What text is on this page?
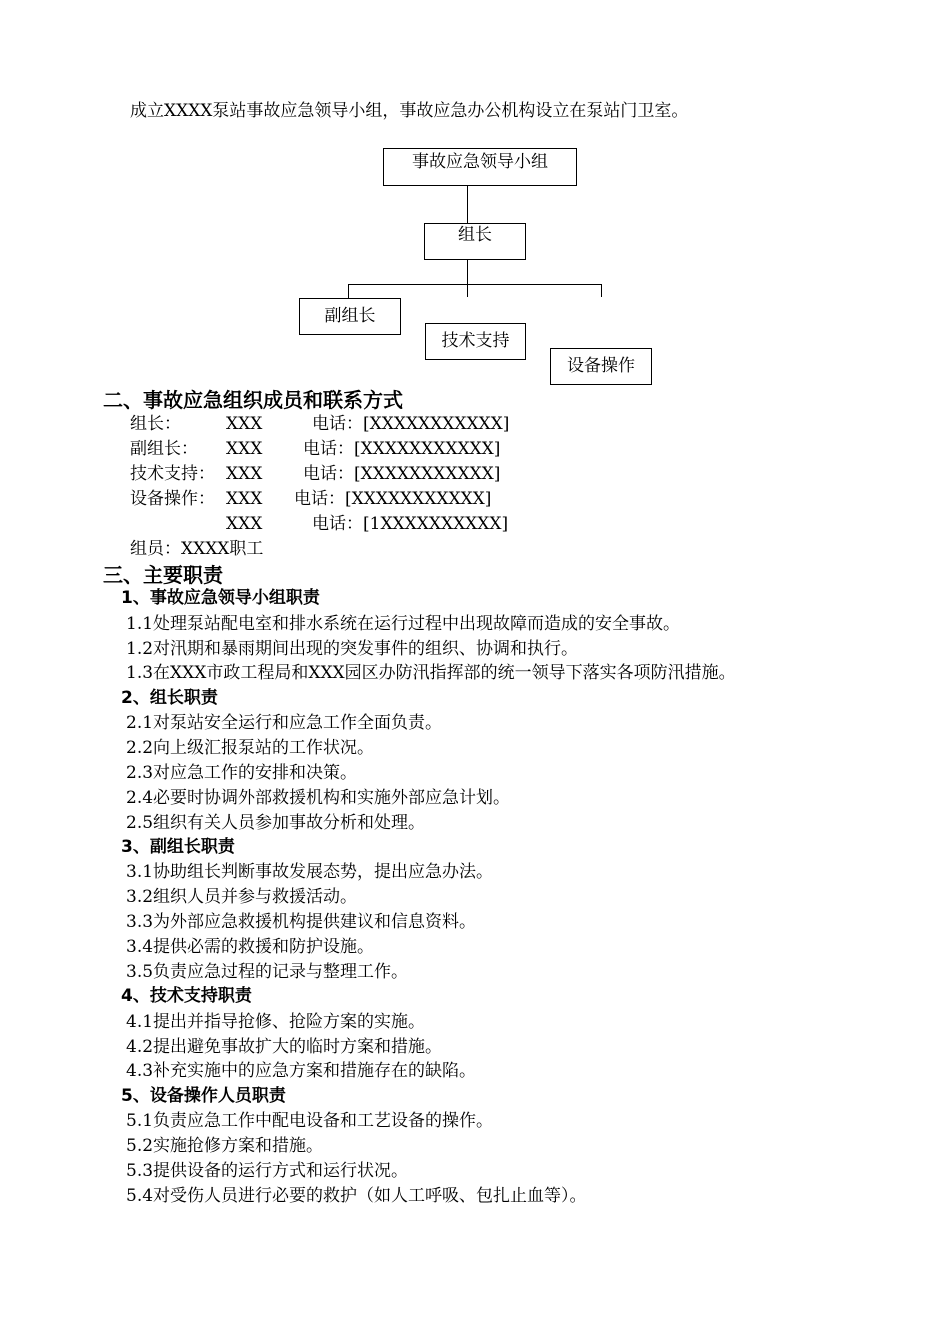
成立XXXX泵站事故应急领导小组，事故应急办公机构设立在泵站门卫室。
事故应急领导小组
组长
副组长
技术支持
设备操作
二、事故应急组织成员和联系方式
组长：	XXX	电话：[XXXXXXXXXXX]
副组长： XXX 电话：[XXXXXXXXXXX]
技术支持： XXX 电话：[XXXXXXXXXXX]
设备操作： XXX 电话：[XXXXXXXXXXX]
XXX	电话：[1XXXXXXXXXX]
组员：XXXX职工
三、主要职责
1、事故应急领导小组职责
1.1处理泵站配电室和排水系统在运行过程中出现故障而造成的安全事故。
1.2对汛期和暴雨期间出现的突发事件的组织、协调和执行。
1.3在XXX市政工程局和XXX园区办防汛指挥部的统一领导下落实各项防汛措施。
2、组长职责
2.1对泵站安全运行和应急工作全面负责。
2.2向上级汇报泵站的工作状况。
2.3对应急工作的安排和决策。
2.4必要时协调外部救援机构和实施外部应急计划。
2.5组织有关人员参加事故分析和处理。
3、副组长职责
3.1协助组长判断事故发展态势，提出应急办法。
3.2组织人员并参与救援活动。
3.3为外部应急救援机构提供建议和信息资料。
3.4提供必需的救援和防护设施。
3.5负责应急过程的记录与整理工作。
4、技术支持职责
4.1提出并指导抢修、抢险方案的实施。
4.2提出避免事故扩大的临时方案和措施。
4.3补充实施中的应急方案和措施存在的缺陷。
5、设备操作人员职责
5.1负责应急工作中配电设备和工艺设备的操作。
5.2实施抢修方案和措施。
5.3提供设备的运行方式和运行状况。
5.4对受伤人员进行必要的救护（如人工呼吸、包扎止血等）。
